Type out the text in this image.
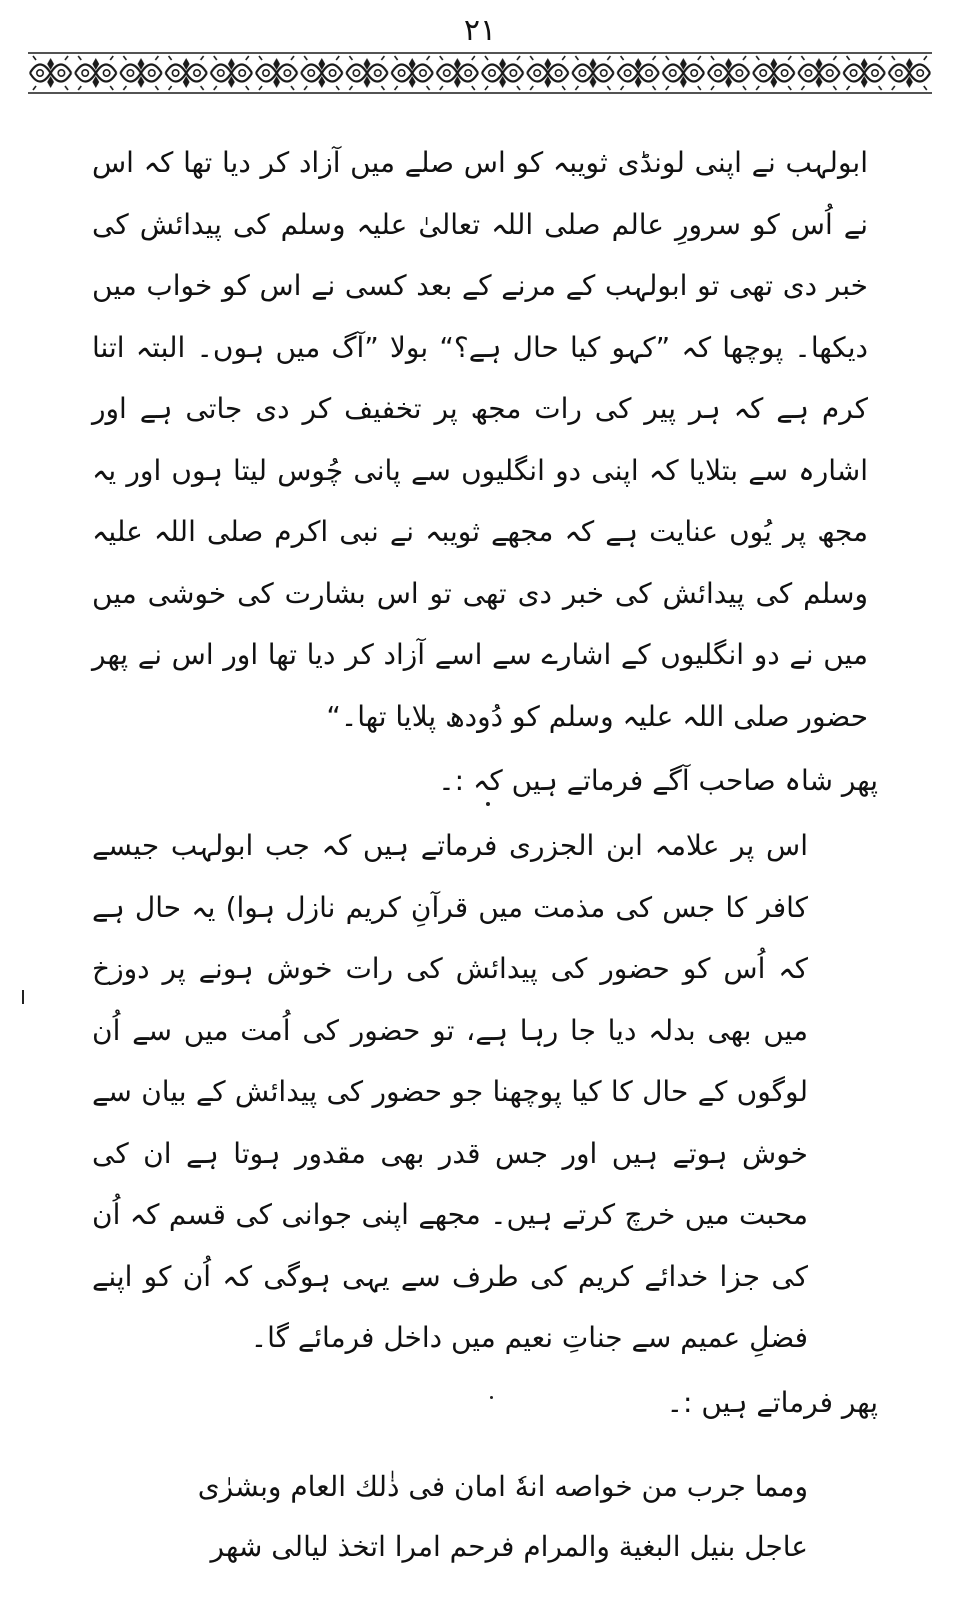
۲۱

ابولہب نے اپنی لونڈی ثویبہ کو اس صلے میں آزاد کر دیا تھا کہ اس نے اُس کو سرورِ عالم صلی اللہ تعالیٰ علیہ وسلم کی پیدائش کی خبر دی تھی تو ابولہب کے مرنے کے بعد کسی نے اس کو خواب میں دیکھا۔ پوچھا کہ ”کہو کیا حال ہے؟“ بولا ”آگ میں ہوں۔ البتہ اتنا کرم ہے کہ ہر پیر کی رات مجھ پر تخفیف کر دی جاتی ہے اور اشارہ سے بتلایا کہ اپنی دو انگلیوں سے پانی چُوس لیتا ہوں اور یہ مجھ پر یُوں عنایت ہے کہ مجھے ثویبہ نے نبی اکرم صلی اللہ علیہ وسلم کی پیدائش کی خبر دی تھی تو اس بشارت کی خوشی میں میں نے دو انگلیوں کے اشارے سے اسے آزاد کر دیا تھا اور اس نے پھر حضور صلی اللہ علیہ وسلم کو دُودھ پلایا تھا۔“

پھر شاہ صاحب آگے فرماتے ہیں کہ :۔

اس پر علامہ ابن الجزری فرماتے ہیں کہ جب ابولہب جیسے کافر کا جس کی مذمت میں قرآنِ کریم نازل ہوا) یہ حال ہے کہ اُس کو حضور کی پیدائش کی رات خوش ہونے پر دوزخ میں بھی بدلہ دیا جا رہا ہے، تو حضور کی اُمت میں سے اُن لوگوں کے حال کا کیا پوچھنا جو حضور کی پیدائش کے بیان سے خوش ہوتے ہیں اور جس قدر بھی مقدور ہوتا ہے ان کی محبت میں خرچ کرتے ہیں۔ مجھے اپنی جوانی کی قسم کہ اُن کی جزا خدائے کریم کی طرف سے یہی ہوگی کہ اُن کو اپنے فضلِ عمیم سے جناتِ نعیم میں داخل فرمائے گا۔

پھر فرماتے ہیں :۔

ومما جرب من خواصه انهٗ امان فی ذٰلك العام وبشرٰی
عاجل بنيل البغية والمرام فرحم امرا اتخذ ليالی شهر
